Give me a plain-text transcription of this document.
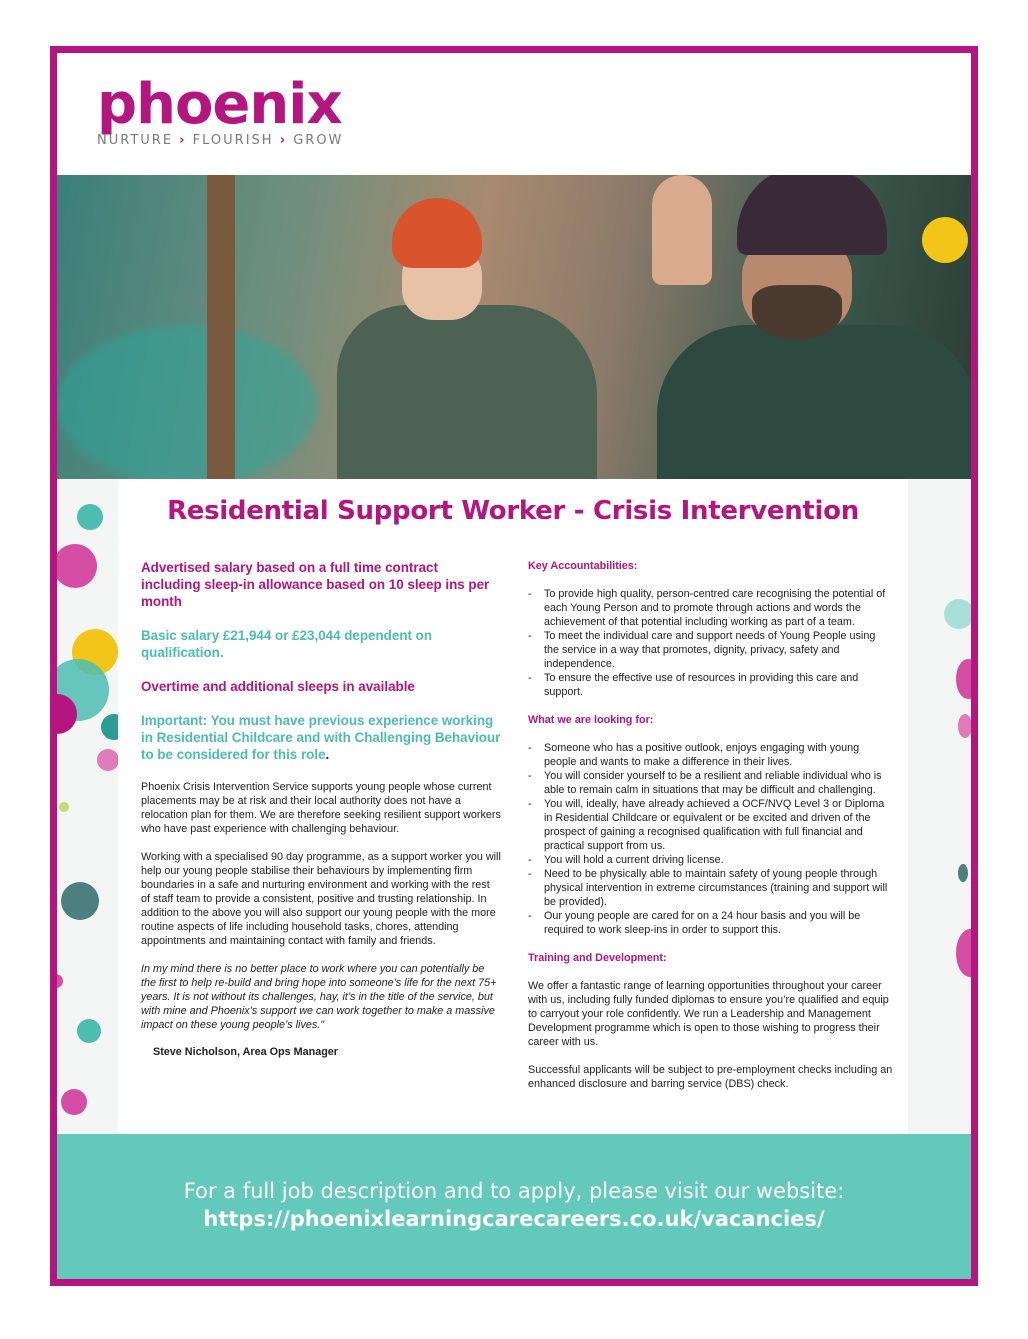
phoenix
NURTURE › FLOURISH › GROW
Residential Support Worker - Crisis Intervention

Advertised salary based on a full time contract including sleep-in allowance based on 10 sleep ins per month

Basic salary £21,944 or £23,044 dependent on qualification.

Overtime and additional sleeps in available

Important: You must have previous experience working in Residential Childcare and with Challenging Behaviour to be considered for this role.

Phoenix Crisis Intervention Service supports young people whose current placements may be at risk and their local authority does not have a relocation plan for them. We are therefore seeking resilient support workers who have past experience with challenging behaviour.

Working with a specialised 90 day programme, as a support worker you will help our young people stabilise their behaviours by implementing firm boundaries in a safe and nurturing environment and working with the rest of staff team to provide a consistent, positive and trusting relationship. In addition to the above you will also support our young people with the more routine aspects of life including household tasks, chores, attending appointments and maintaining contact with family and friends.

In my mind there is no better place to work where you can potentially be the first to help re-build and bring hope into someone’s life for the next 75+ years. It is not without its challenges, hay, it’s in the title of the service, but with mine and Phoenix’s support we can work together to make a massive impact on these young people’s lives."

Steve Nicholson, Area Ops Manager
Key Accountabilities:
- To provide high quality, person-centred care recognising the potential of each Young Person and to promote through actions and words the achievement of that potential including working as part of a team.
- To meet the individual care and support needs of Young People using the service in a way that promotes, dignity, privacy, safety and independence.
- To ensure the effective use of resources in providing this care and support.
What we are looking for:
- Someone who has a positive outlook, enjoys engaging with young people and wants to make a difference in their lives.
- You will consider yourself to be a resilient and reliable individual who is able to remain calm in situations that may be difficult and challenging.
- You will, ideally, have already achieved a OCF/NVQ Level 3 or Diploma in Residential Childcare or equivalent or be excited and driven of the prospect of gaining a recognised qualification with full financial and practical support from us.
- You will hold a current driving license.
- Need to be physically able to maintain safety of young people through physical intervention in extreme circumstances (training and support will be provided).
- Our young people are cared for on a 24 hour basis and you will be required to work sleep-ins in order to support this.
Training and Development:

We offer a fantastic range of learning opportunities throughout your career with us, including fully funded diplomas to ensure you’re qualified and equip to carryout your role confidently. We run a Leadership and Management Development programme which is open to those wishing to progress their career with us.

Successful applicants will be subject to pre-employment checks including an enhanced disclosure and barring service (DBS) check.

For a full job description and to apply, please visit our website:
https://phoenixlearningcarecareers.co.uk/vacancies/
